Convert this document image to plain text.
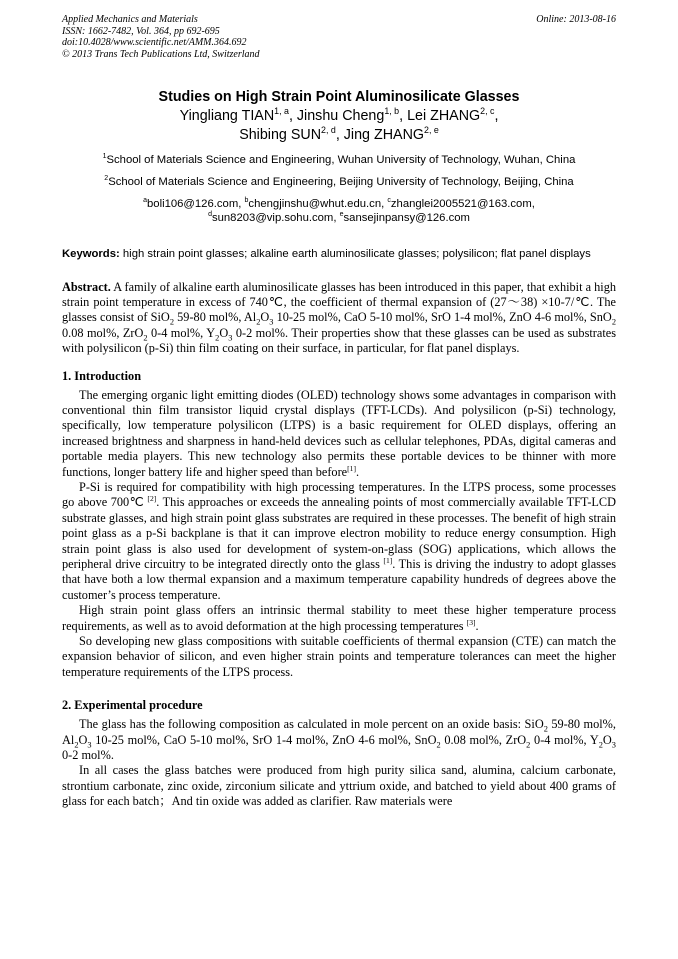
Applied Mechanics and Materials
ISSN: 1662-7482, Vol. 364, pp 692-695
doi:10.4028/www.scientific.net/AMM.364.692
© 2013 Trans Tech Publications Ltd, Switzerland
Online: 2013-08-16
Studies on High Strain Point Aluminosilicate Glasses
Yingliang TIAN$^{1, a}$, Jinshu Cheng$^{1, b}$, Lei ZHANG$^{2, c}$,
Shibing SUN$^{2, d}$, Jing ZHANG$^{2, e}$
$^1$School of Materials Science and Engineering, Wuhan University of Technology, Wuhan, China
$^2$School of Materials Science and Engineering, Beijing University of Technology, Beijing, China
$^a$boli106@126.com, $^b$chengjinshu@whut.edu.cn, $^c$zhanglei2005521@163.com,
$^d$sun8203@vip.sohu.com, $^e$sansejinpansy@126.com
Keywords: high strain point glasses; alkaline earth aluminosilicate glasses; polysilicon; flat panel displays
Abstract. A family of alkaline earth aluminosilicate glasses has been introduced in this paper, that exhibit a high strain point temperature in excess of 740℃, the coefficient of thermal expansion of (27～38) ×10-7/℃. The glasses consist of SiO$_2$ 59-80 mol%, $Al_2O_3$ 10-25 mol%, CaO 5-10 mol%, SrO 1-4 mol%, ZnO 4-6 mol%, SnO$_2$ 0.08 mol%, ZrO$_2$ 0-4 mol%, $Y_2O_3$ 0-2 mol%. Their properties show that these glasses can be used as substrates with polysilicon (p-Si) thin film coating on their surface, in particular, for flat panel displays.
1. Introduction

The emerging organic light emitting diodes (OLED) technology shows some advantages in comparison with conventional thin film transistor liquid crystal displays (TFT-LCDs). And polysilicon (p-Si) technology, specifically, low temperature polysilicon (LTPS) is a basic requirement for OLED displays, offering an increased brightness and sharpness in hand-held devices such as cellular telephones, PDAs, digital cameras and portable media players. This new technology also permits these portable devices to be thinner with more functions, longer battery life and higher speed than before[1].

P-Si is required for compatibility with high processing temperatures. In the LTPS process, some processes go above 700℃ [2]. This approaches or exceeds the annealing points of most commercially available TFT-LCD substrate glasses, and high strain point glass substrates are required in these processes. The benefit of high strain point glass as a p-Si backplane is that it can improve electron mobility to reduce energy consumption. High strain point glass is also used for development of system-on-glass (SOG) applications, which allows the peripheral drive circuitry to be integrated directly onto the glass [1]. This is driving the industry to adopt glasses that have both a low thermal expansion and a maximum temperature capability hundreds of degrees above the customer’s process temperature.

High strain point glass offers an intrinsic thermal stability to meet these higher temperature process requirements, as well as to avoid deformation at the high processing temperatures [3].

So developing new glass compositions with suitable coefficients of thermal expansion (CTE) can match the expansion behavior of silicon, and even higher strain points and temperature tolerances can meet the higher temperature requirements of the LTPS process.

2. Experimental procedure

The glass has the following composition as calculated in mole percent on an oxide basis: SiO$_2$ 59-80 mol%, $Al_2O_3$ 10-25 mol%, CaO 5-10 mol%, SrO 1-4 mol%, ZnO 4-6 mol%, SnO$_2$ 0.08 mol%, ZrO$_2$ 0-4 mol%, $Y_2O_3$ 0-2 mol%.

In all cases the glass batches were produced from high purity silica sand, alumina, calcium carbonate, strontium carbonate, zinc oxide, zirconium silicate and yttrium oxide, and batched to yield about 400 grams of glass for each batch；And tin oxide was added as clarifier. Raw materials were
